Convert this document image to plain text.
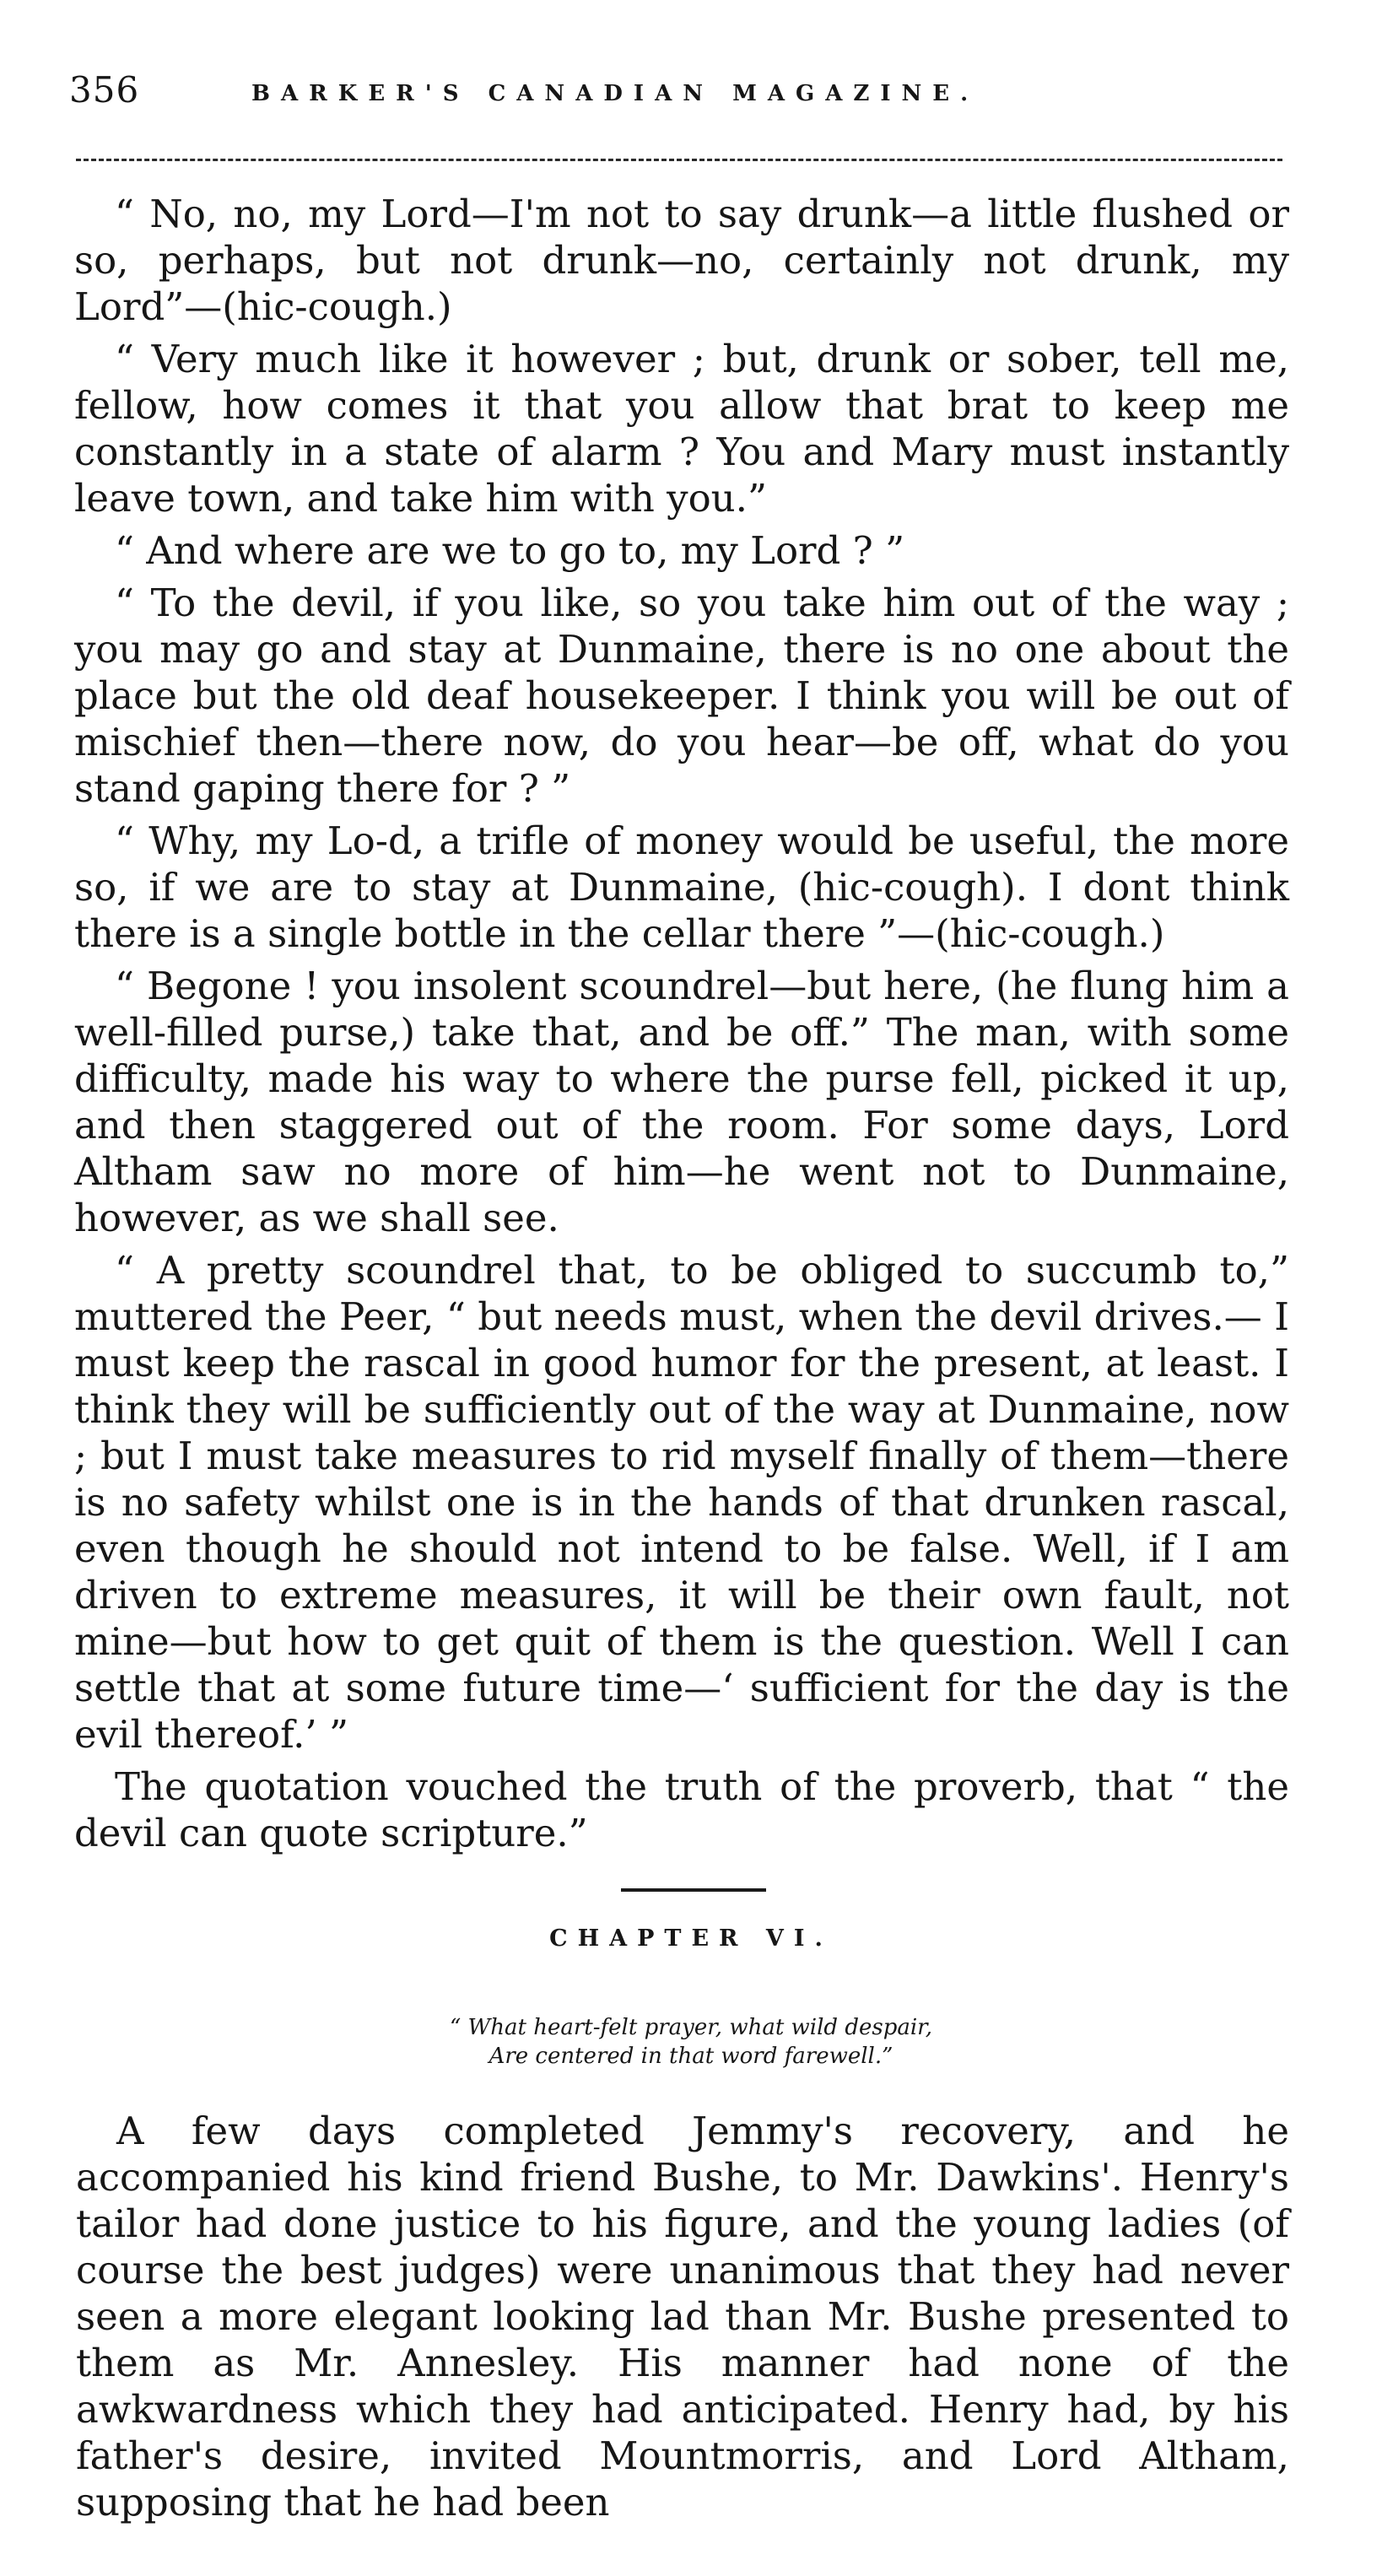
356	BARKER'S CANADIAN MAGAZINE.

“ No, no, my Lord—I'm not to say drunk—a little flushed or so, perhaps, but not drunk—no, certainly not drunk, my Lord”—(hic-cough.)

“ Very much like it however ; but, drunk or sober, tell me, fellow, how comes it that you allow that brat to keep me constantly in a state of alarm ? You and Mary must instantly leave town, and take him with you.”

“ And where are we to go to, my Lord ? ”

“ To the devil, if you like, so you take him out of the way ; you may go and stay at Dunmaine, there is no one about the place but the old deaf housekeeper. I think you will be out of mischief then—there now, do you hear—be off, what do you stand gaping there for ? ”

“ Why, my Lo-d, a trifle of money would be useful, the more so, if we are to stay at Dunmaine, (hic-cough). I dont think there is a single bottle in the cellar there ”—(hic-cough.)

“ Begone ! you insolent scoundrel—but here, (he flung him a well-filled purse,) take that, and be off.” The man, with some difficulty, made his way to where the purse fell, picked it up, and then staggered out of the room. For some days, Lord Altham saw no more of him—he went not to Dunmaine, however, as we shall see.

“ A pretty scoundrel that, to be obliged to succumb to,” muttered the Peer, “ but needs must, when the devil drives.— I must keep the rascal in good humor for the present, at least. I think they will be sufficiently out of the way at Dunmaine, now ; but I must take measures to rid myself finally of them—there is no safety whilst one is in the hands of that drunken rascal, even though he should not intend to be false. Well, if I am driven to extreme measures, it will be their own fault, not mine—but how to get quit of them is the question. Well I can settle that at some future time—‘ sufficient for the day is the evil thereof.’ ”

The quotation vouched the truth of the proverb, that “ the devil can quote scripture.”

CHAPTER VI.
“ What heart-felt prayer, what wild despair,
Are centered in that word farewell.”

A few days completed Jemmy's recovery, and he accompanied his kind friend Bushe, to Mr. Dawkins'. Henry's tailor had done justice to his figure, and the young ladies (of course the best judges) were unanimous that they had never seen a more elegant looking lad than Mr. Bushe presented to them as Mr. Annesley. His manner had none of the awkwardness which they had anticipated. Henry had, by his father's desire, invited Mountmorris, and Lord Altham, supposing that he had been
